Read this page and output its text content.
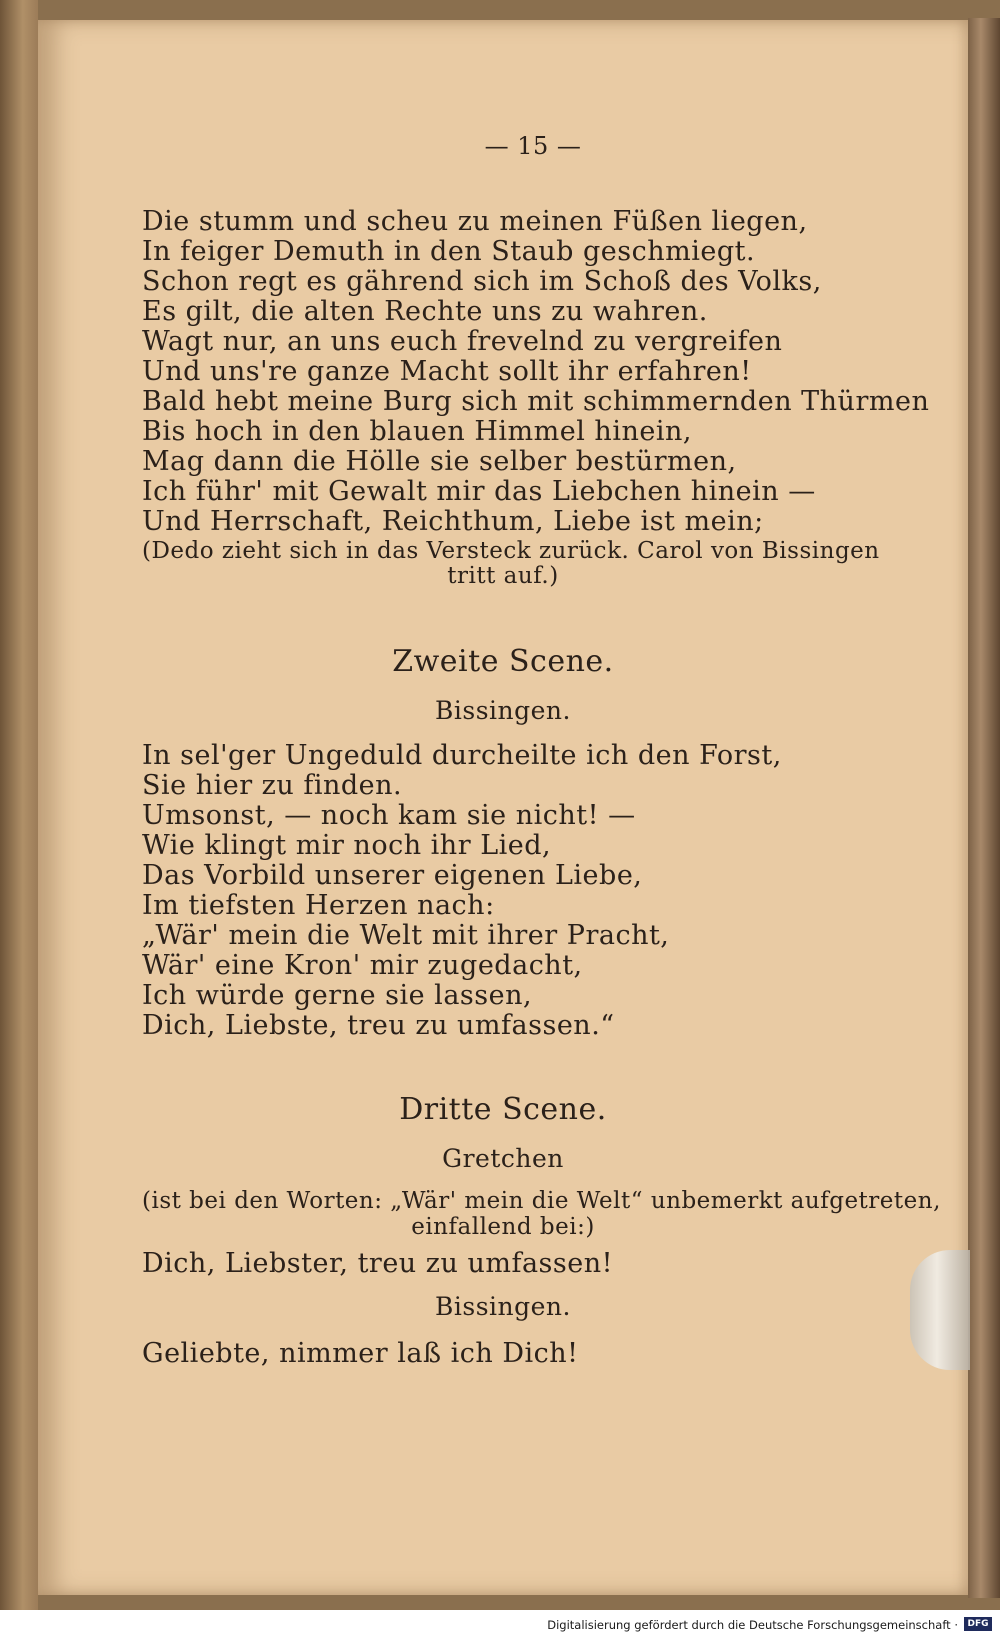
— 15 —
Die stumm und scheu zu meinen Füßen liegen,
In feiger Demuth in den Staub geschmiegt.
Schon regt es gährend sich im Schoß des Volks,
Es gilt, die alten Rechte uns zu wahren.
Wagt nur, an uns euch frevelnd zu vergreifen
Und uns're ganze Macht sollt ihr erfahren!
Bald hebt meine Burg sich mit schimmernden Thürmen
Bis hoch in den blauen Himmel hinein,
Mag dann die Hölle sie selber bestürmen,
Ich führ' mit Gewalt mir das Liebchen hinein —
Und Herrschaft, Reichthum, Liebe ist mein;
(Dedo zieht sich in das Versteck zurück. Carol von Bissingen
tritt auf.)
Zweite Scene.
Bissingen.
In sel'ger Ungeduld durcheilte ich den Forst,
Sie hier zu finden.
Umsonst, — noch kam sie nicht! —
Wie klingt mir noch ihr Lied,
Das Vorbild unserer eigenen Liebe,
Im tiefsten Herzen nach:
„Wär' mein die Welt mit ihrer Pracht,
Wär' eine Kron' mir zugedacht,
Ich würde gerne sie lassen,
Dich, Liebste, treu zu umfassen.“
Dritte Scene.
Gretchen
(ist bei den Worten: „Wär' mein die Welt“ unbemerkt aufgetreten,
einfallend bei:)
Dich, Liebster, treu zu umfassen!
Bissingen.
Geliebte, nimmer laß ich Dich!
Digitalisierung gefördert durch die Deutsche Forschungsgemeinschaft ·	DFG
